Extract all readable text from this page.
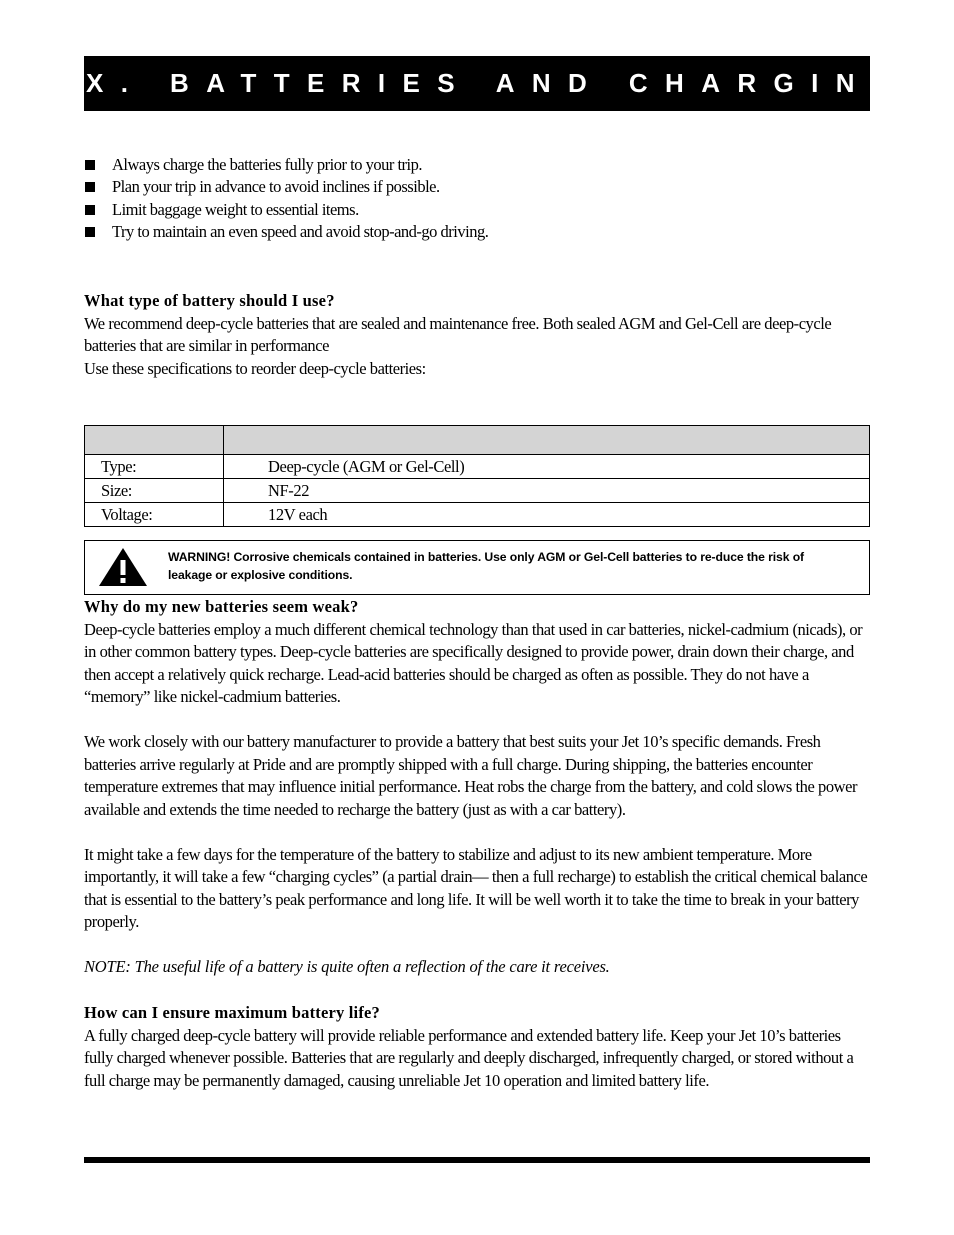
IX. BATTERIES AND CHARGING
Always charge the batteries fully prior to your trip.
Plan your trip in advance to avoid inclines if possible.
Limit baggage weight to essential items.
Try to maintain an even speed and avoid stop-and-go driving.
What type of battery should I use?

We recommend deep-cycle batteries that are sealed and maintenance free. Both sealed AGM and Gel-Cell are deep-cycle batteries that are similar in performance

Use these specifications to reorder deep-cycle batteries:

Type:	Deep-cycle (AGM or Gel-Cell)
Size:	NF-22
Voltage:	12V each
WARNING! Corrosive chemicals contained in batteries. Use only AGM or Gel-Cell batteries to re-duce the risk of leakage or explosive conditions.
Why do my new batteries seem weak?

Deep-cycle batteries employ a much different chemical technology than that used in car batteries, nickel-cadmium (nicads), or in other common battery types. Deep-cycle batteries are specifically designed to provide power, drain down their charge, and then accept a relatively quick recharge. Lead-acid batteries should be charged as often as possible. They do not have a “memory” like nickel-cadmium batteries.

We work closely with our battery manufacturer to provide a battery that best suits your Jet 10’s specific demands. Fresh batteries arrive regularly at Pride and are promptly shipped with a full charge. During shipping, the batteries encounter temperature extremes that may influence initial performance. Heat robs the charge from the battery, and cold slows the power available and extends the time needed to recharge the battery (just as with a car battery).

It might take a few days for the temperature of the battery to stabilize and adjust to its new ambient temperature. More importantly, it will take a few “charging cycles” (a partial drain— then a full recharge) to establish the critical chemical balance that is essential to the battery’s peak performance and long life. It will be well worth it to take the time to break in your battery properly.

NOTE: The useful life of a battery is quite often a reflection of the care it receives.
How can I ensure maximum battery life?

A fully charged deep-cycle battery will provide reliable performance and extended battery life. Keep your Jet 10’s batteries fully charged whenever possible. Batteries that are regularly and deeply discharged, infrequently charged, or stored without a full charge may be permanently damaged, causing unreliable Jet 10 operation and limited battery life.
